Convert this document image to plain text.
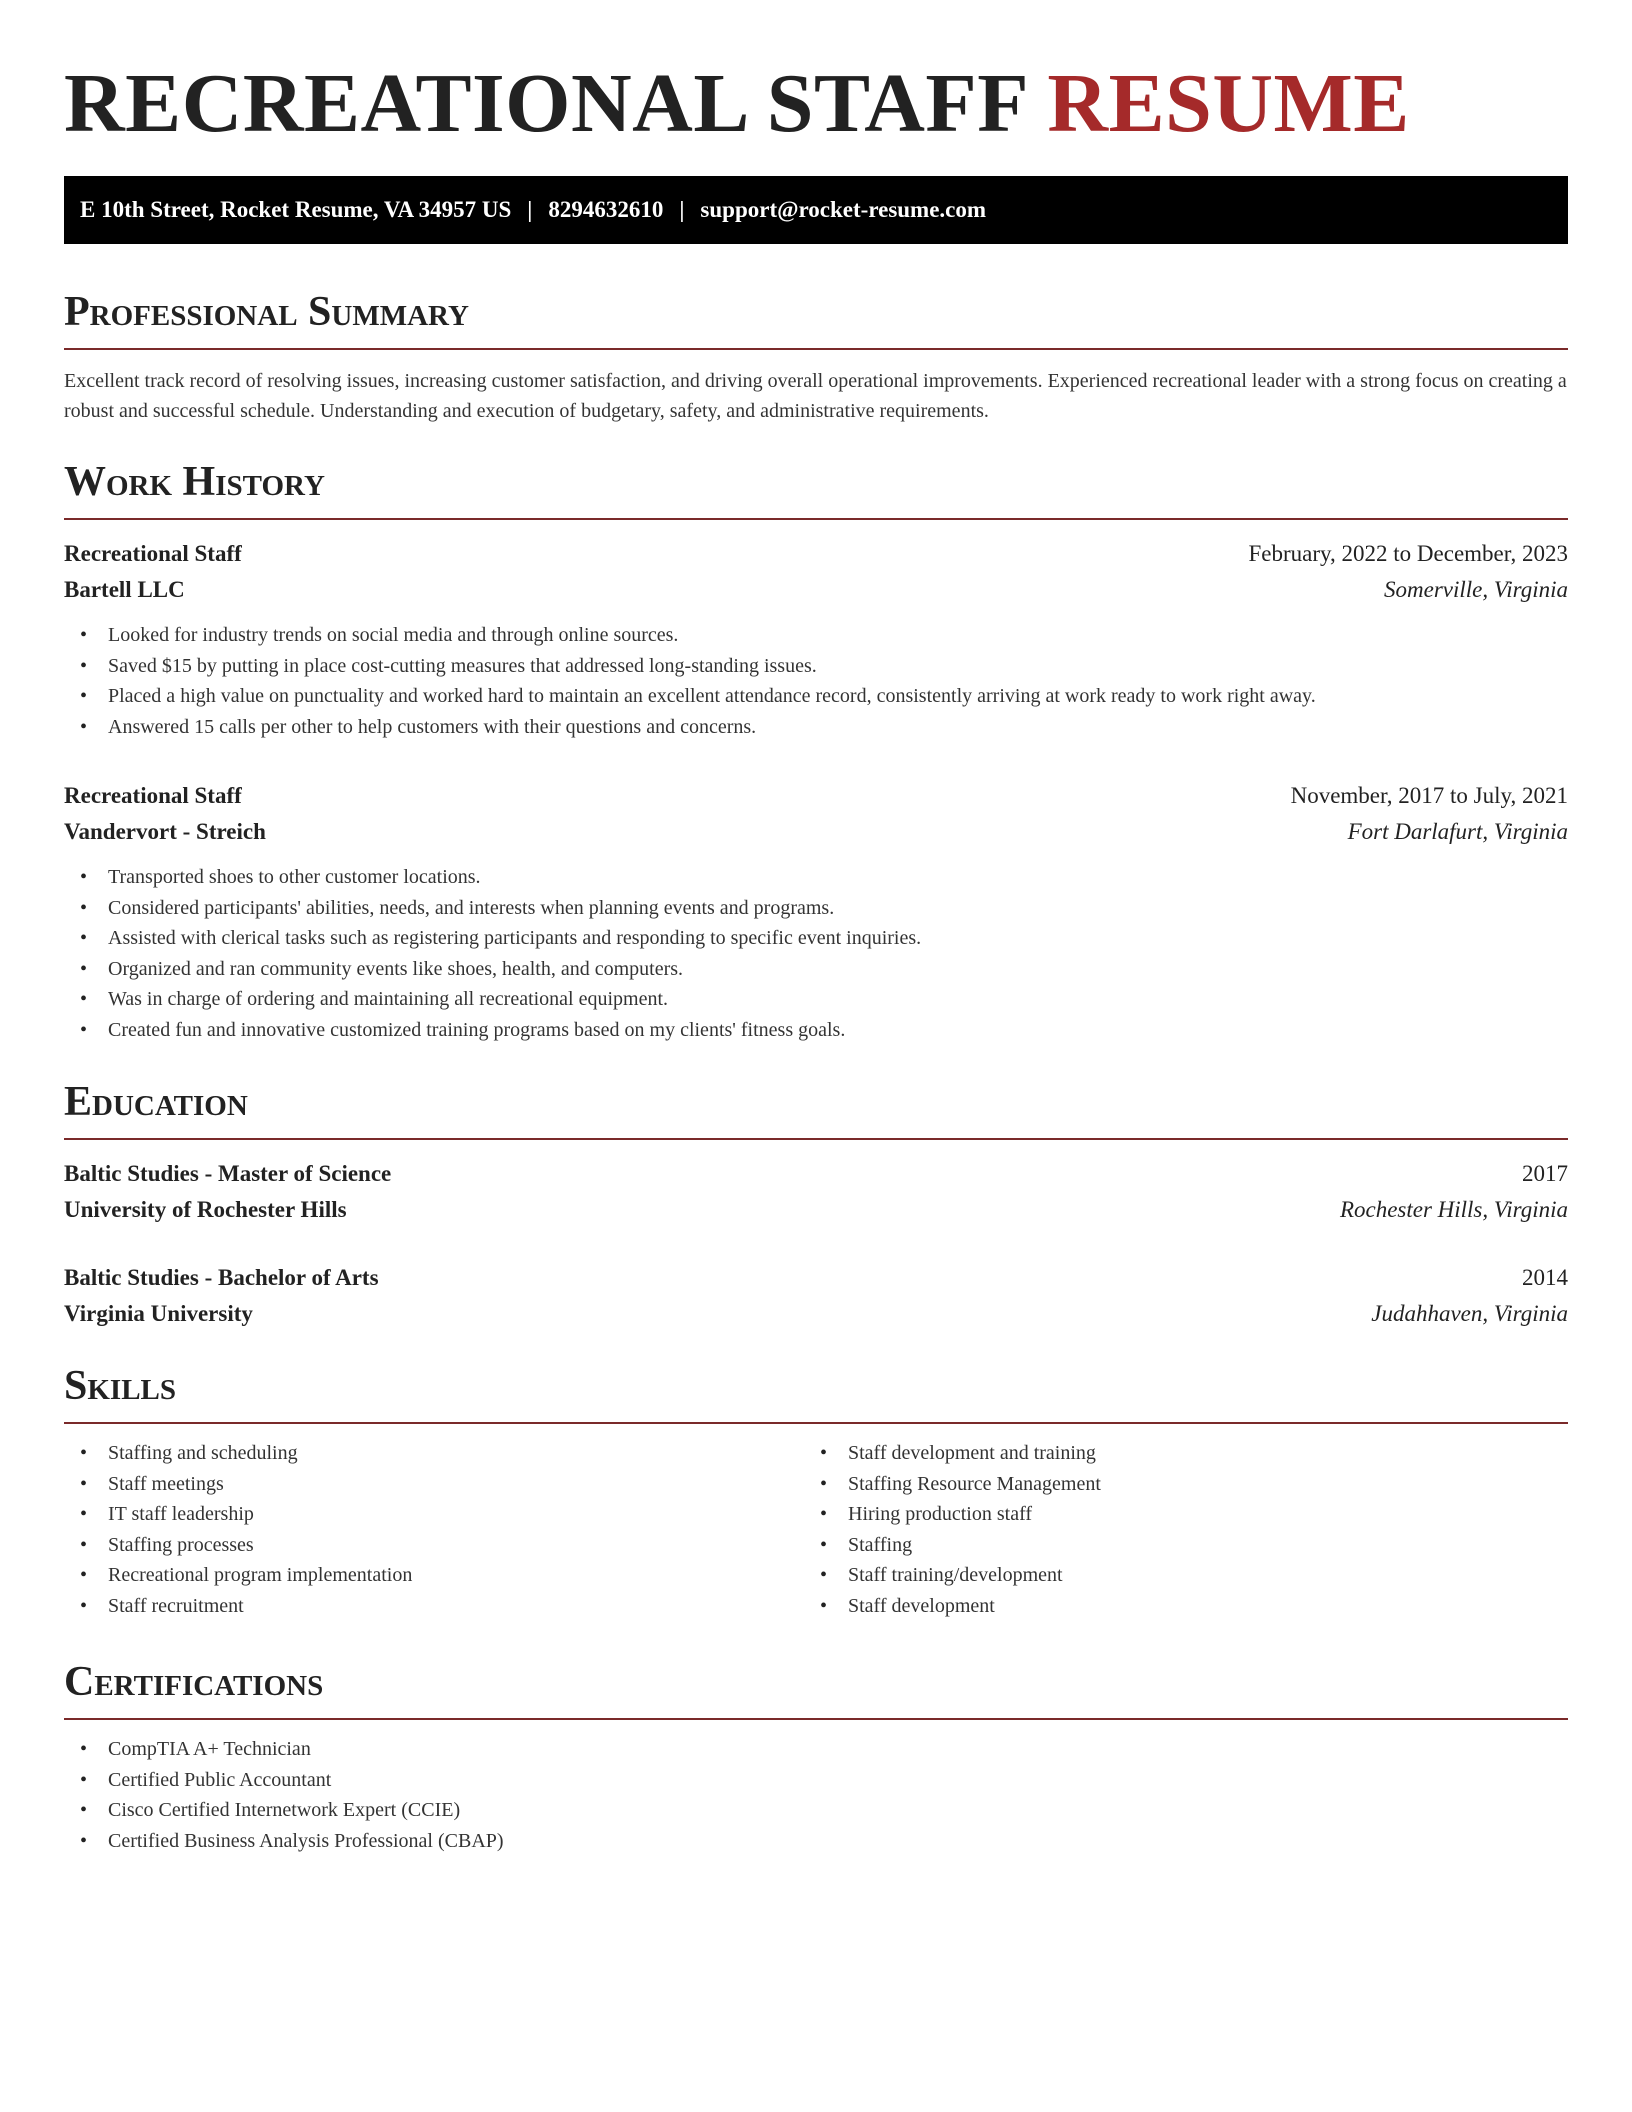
RECREATIONAL STAFF RESUME
E 10th Street, Rocket Resume, VA 34957 US | 8294632610 | support@rocket-resume.com
Professional Summary

Excellent track record of resolving issues, increasing customer satisfaction, and driving overall operational improvements. Experienced recreational leader with a strong focus on creating a robust and successful schedule. Understanding and execution of budgetary, safety, and administrative requirements.

Work History
Recreational Staff	February, 2022 to December, 2023
Bartell LLC	Somerville, Virginia
• Looked for industry trends on social media and through online sources.
• Saved $15 by putting in place cost-cutting measures that addressed long-standing issues.
• Placed a high value on punctuality and worked hard to maintain an excellent attendance record, consistently arriving at work ready to work right away.
• Answered 15 calls per other to help customers with their questions and concerns.
Recreational Staff	November, 2017 to July, 2021
Vandervort - Streich	Fort Darlafurt, Virginia
• Transported shoes to other customer locations.
• Considered participants' abilities, needs, and interests when planning events and programs.
• Assisted with clerical tasks such as registering participants and responding to specific event inquiries.
• Organized and ran community events like shoes, health, and computers.
• Was in charge of ordering and maintaining all recreational equipment.
• Created fun and innovative customized training programs based on my clients' fitness goals.
Education
Baltic Studies - Master of Science	2017
University of Rochester Hills	Rochester Hills, Virginia
Baltic Studies - Bachelor of Arts	2014
Virginia University	Judahhaven, Virginia
Skills
• Staffing and scheduling
• Staff meetings
• IT staff leadership
• Staffing processes
• Recreational program implementation
• Staff recruitment
• Staff development and training
• Staffing Resource Management
• Hiring production staff
• Staffing
• Staff training/development
• Staff development
Certifications
• CompTIA A+ Technician
• Certified Public Accountant
• Cisco Certified Internetwork Expert (CCIE)
• Certified Business Analysis Professional (CBAP)
